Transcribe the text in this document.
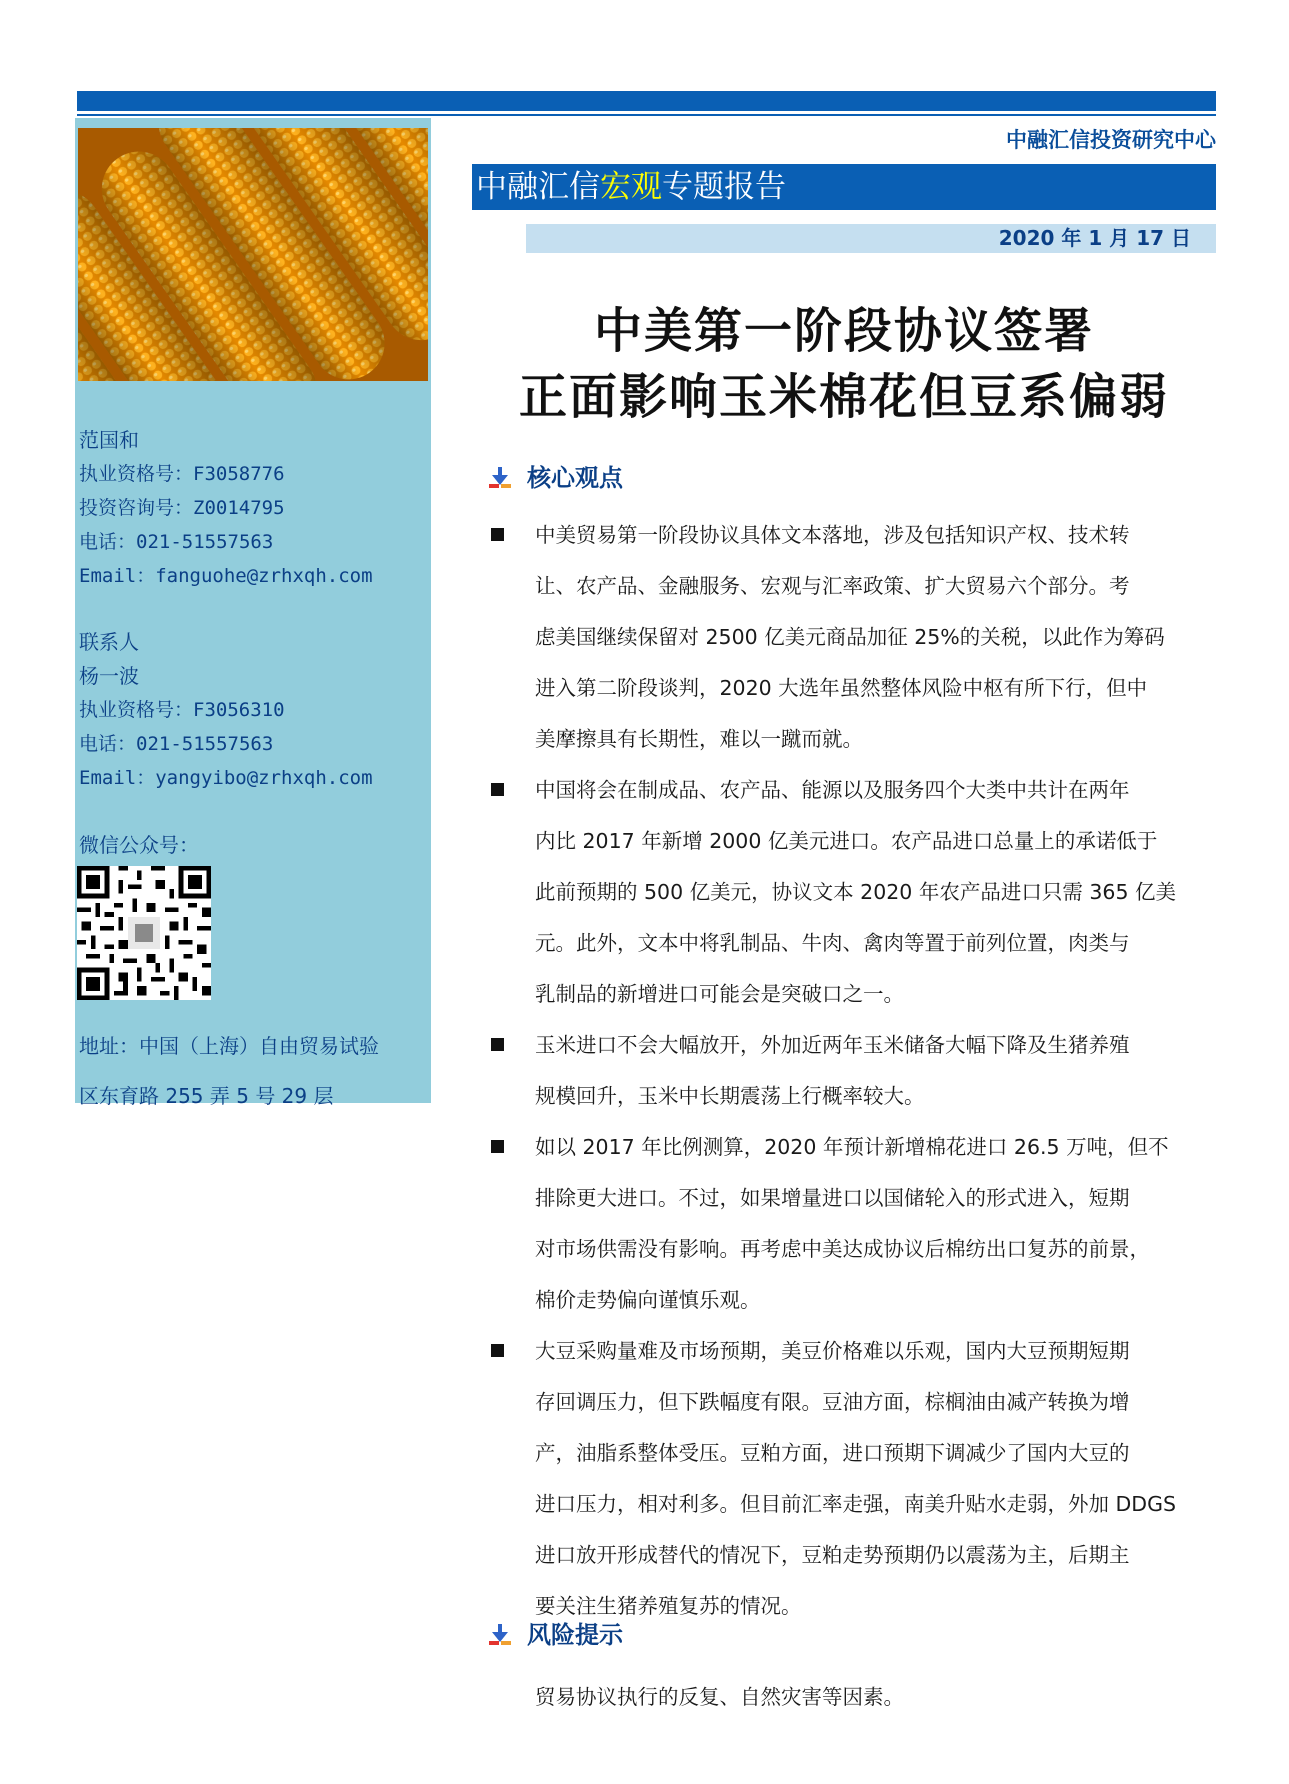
中融汇信投资研究中心
范国和
执业资格号：F3058776
投资咨询号：Z0014795
电话：021-51557563
Email：fanguohe@zrhxqh.com
联系人
杨一波
执业资格号：F3056310
电话：021-51557563
Email：yangyibo@zrhxqh.com
微信公众号：
地址：中国（上海）自由贸易试验
区东育路 255 弄 5 号 29 层
中融汇信宏观专题报告
2020 年 1 月 17 日
中美第一阶段协议签署
正面影响玉米棉花但豆系偏弱
核心观点
中美贸易第一阶段协议具体文本落地，涉及包括知识产权、技术转
让、农产品、金融服务、宏观与汇率政策、扩大贸易六个部分。考
虑美国继续保留对 2500 亿美元商品加征 25%的关税，以此作为筹码
进入第二阶段谈判，2020 大选年虽然整体风险中枢有所下行，但中
美摩擦具有长期性，难以一蹴而就。
中国将会在制成品、农产品、能源以及服务四个大类中共计在两年
内比 2017 年新增 2000 亿美元进口。农产品进口总量上的承诺低于
此前预期的 500 亿美元，协议文本 2020 年农产品进口只需 365 亿美
元。此外，文本中将乳制品、牛肉、禽肉等置于前列位置，肉类与
乳制品的新增进口可能会是突破口之一。
玉米进口不会大幅放开，外加近两年玉米储备大幅下降及生猪养殖
规模回升，玉米中长期震荡上行概率较大。
如以 2017 年比例测算，2020 年预计新增棉花进口 26.5 万吨，但不
排除更大进口。不过，如果增量进口以国储轮入的形式进入，短期
对市场供需没有影响。再考虑中美达成协议后棉纺出口复苏的前景，
棉价走势偏向谨慎乐观。
大豆采购量难及市场预期，美豆价格难以乐观，国内大豆预期短期
存回调压力，但下跌幅度有限。豆油方面，棕榈油由减产转换为增
产，油脂系整体受压。豆粕方面，进口预期下调减少了国内大豆的
进口压力，相对利多。但目前汇率走强，南美升贴水走弱，外加 DDGS
进口放开形成替代的情况下，豆粕走势预期仍以震荡为主，后期主
要关注生猪养殖复苏的情况。
风险提示
贸易协议执行的反复、自然灾害等因素。
